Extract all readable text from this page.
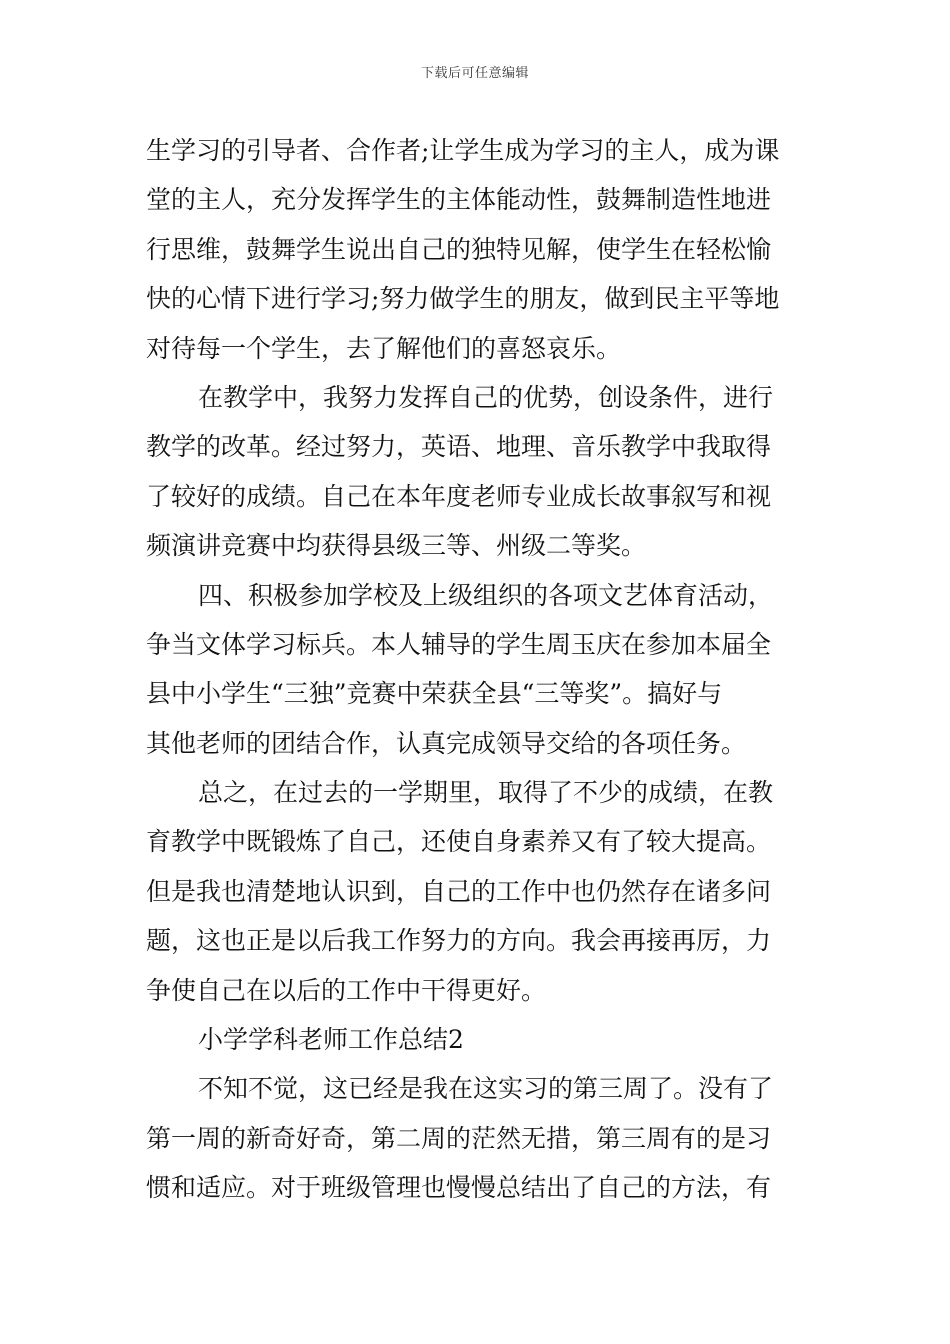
下载后可任意编辑
生学习的引导者、合作者;让学生成为学习的主人，成为课
堂的主人，充分发挥学生的主体能动性，鼓舞制造性地进
行思维，鼓舞学生说出自己的独特见解，使学生在轻松愉
快的心情下进行学习;努力做学生的朋友，做到民主平等地
对待每一个学生，去了解他们的喜怒哀乐。
在教学中，我努力发挥自己的优势，创设条件，进行
教学的改革。经过努力，英语、地理、音乐教学中我取得
了较好的成绩。自己在本年度老师专业成长故事叙写和视
频演讲竞赛中均获得县级三等、州级二等奖。
四、积极参加学校及上级组织的各项文艺体育活动，
争当文体学习标兵。本人辅导的学生周玉庆在参加本届全
县中小学生“三独”竞赛中荣获全县“三等奖”。搞好与
其他老师的团结合作，认真完成领导交给的各项任务。
总之，在过去的一学期里，取得了不少的成绩，在教
育教学中既锻炼了自己，还使自身素养又有了较大提高。
但是我也清楚地认识到，自己的工作中也仍然存在诸多问
题，这也正是以后我工作努力的方向。我会再接再厉，力
争使自己在以后的工作中干得更好。
小学学科老师工作总结2
不知不觉，这已经是我在这实习的第三周了。没有了
第一周的新奇好奇，第二周的茫然无措，第三周有的是习
惯和适应。对于班级管理也慢慢总结出了自己的方法，有
